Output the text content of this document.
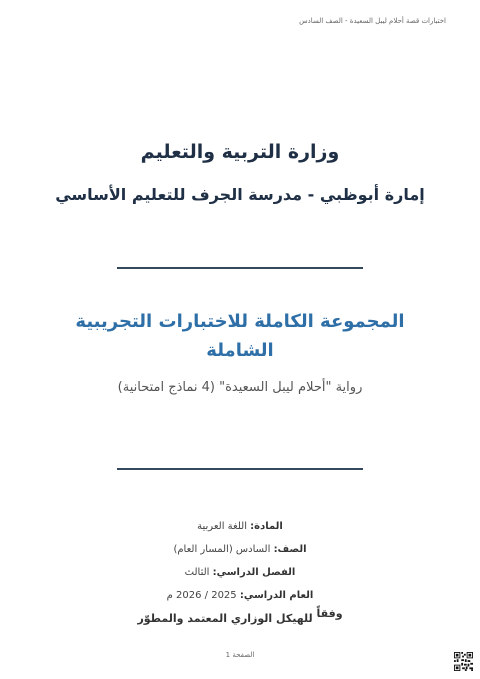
اختبارات قصة أحلام ليبل السعيدة - الصف السادس
وزارة التربية والتعليم
إمارة أبوظبي - مدرسة الجرف للتعليم الأساسي
المجموعة الكاملة للاختبارات التجريبية الشاملة
رواية "أحلام ليبل السعيدة" (4 نماذج امتحانية)
المادة: اللغة العربية
الصف: السادس (المسار العام)
الفصل الدراسي: الثالث
العام الدراسي: 2025 / 2026 م
وفقاً للهيكل الوزاري المعتمد والمطوّر
الصفحة 1
